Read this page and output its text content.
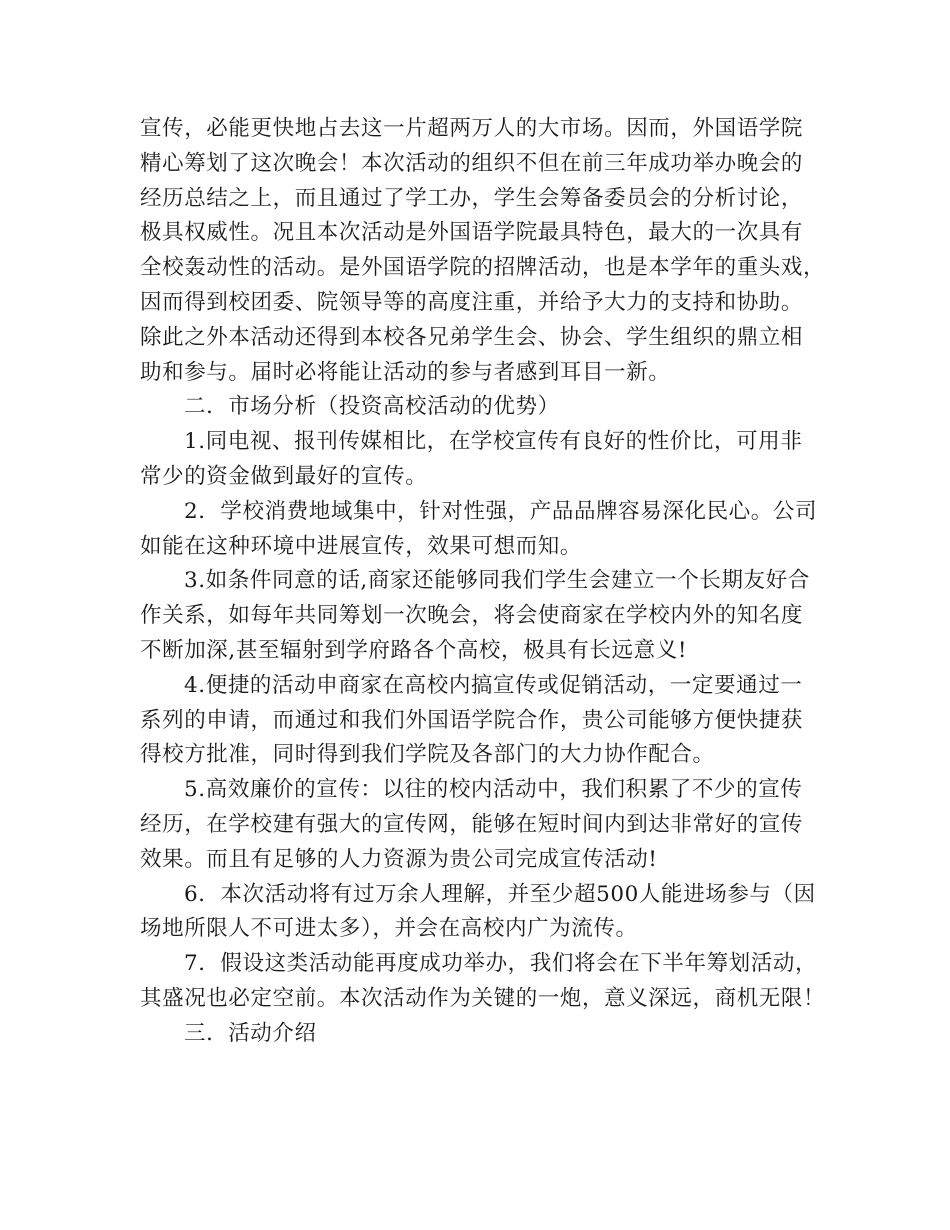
宣传，必能更快地占去这一片超两万人的大市场。因而，外国语学院
精心筹划了这次晚会！本次活动的组织不但在前三年成功举办晚会的
经历总结之上，而且通过了学工办，学生会筹备委员会的分析讨论，
极具权威性。况且本次活动是外国语学院最具特色，最大的一次具有
全校轰动性的活动。是外国语学院的招牌活动，也是本学年的重头戏，
因而得到校团委、院领导等的高度注重，并给予大力的支持和协助。
除此之外本活动还得到本校各兄弟学生会、协会、学生组织的鼎立相
助和参与。届时必将能让活动的参与者感到耳目一新。
二．市场分析（投资高校活动的优势）
1.同电视、报刊传媒相比，在学校宣传有良好的性价比，可用非
常少的资金做到最好的宣传。
2．学校消费地域集中，针对性强，产品品牌容易深化民心。公司
如能在这种环境中进展宣传，效果可想而知。
3.如条件同意的话,商家还能够同我们学生会建立一个长期友好合
作关系，如每年共同筹划一次晚会，将会使商家在学校内外的知名度
不断加深,甚至辐射到学府路各个高校，极具有长远意义!
4.便捷的活动申商家在高校内搞宣传或促销活动，一定要通过一
系列的申请，而通过和我们外国语学院合作，贵公司能够方便快捷获
得校方批准，同时得到我们学院及各部门的大力协作配合。
5.高效廉价的宣传：以往的校内活动中，我们积累了不少的宣传
经历，在学校建有强大的宣传网，能够在短时间内到达非常好的宣传
效果。而且有足够的人力资源为贵公司完成宣传活动!
6．本次活动将有过万余人理解，并至少超500人能进场参与（因
场地所限人不可进太多），并会在高校内广为流传。
7．假设这类活动能再度成功举办，我们将会在下半年筹划活动，
其盛况也必定空前。本次活动作为关键的一炮，意义深远，商机无限！
三．活动介绍
